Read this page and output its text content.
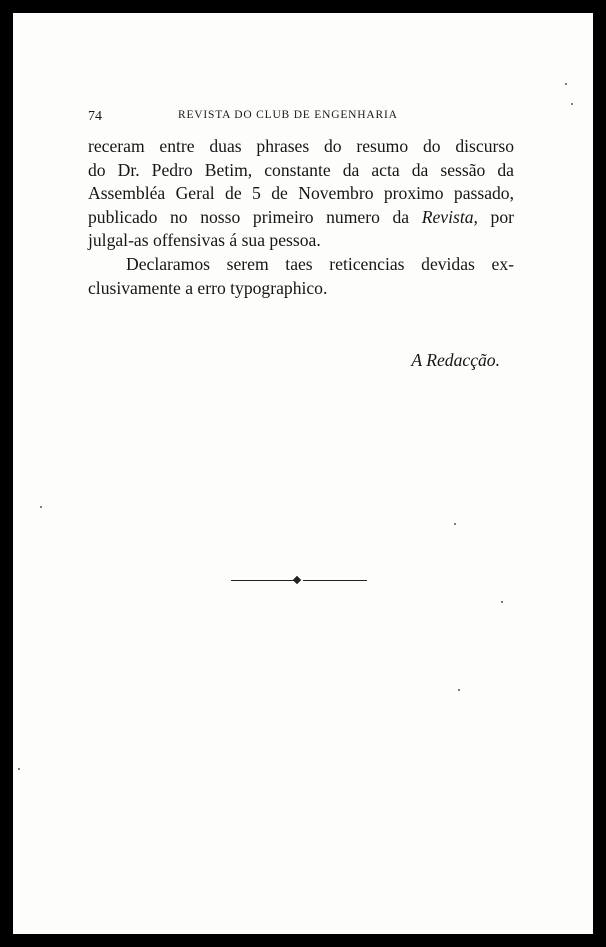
74	REVISTA DO CLUB DE ENGENHARIA
receram entre duas phrases do resumo do discurso
do Dr. Pedro Betim, constante da acta da sessão da
Assembléa Geral de 5 de Novembro proximo passado,
publicado no nosso primeiro numero da Revista, por
julgal-as offensivas á sua pessoa.
Declaramos serem taes reticencias devidas ex-
clusivamente a erro typographico.
A Redacção.
